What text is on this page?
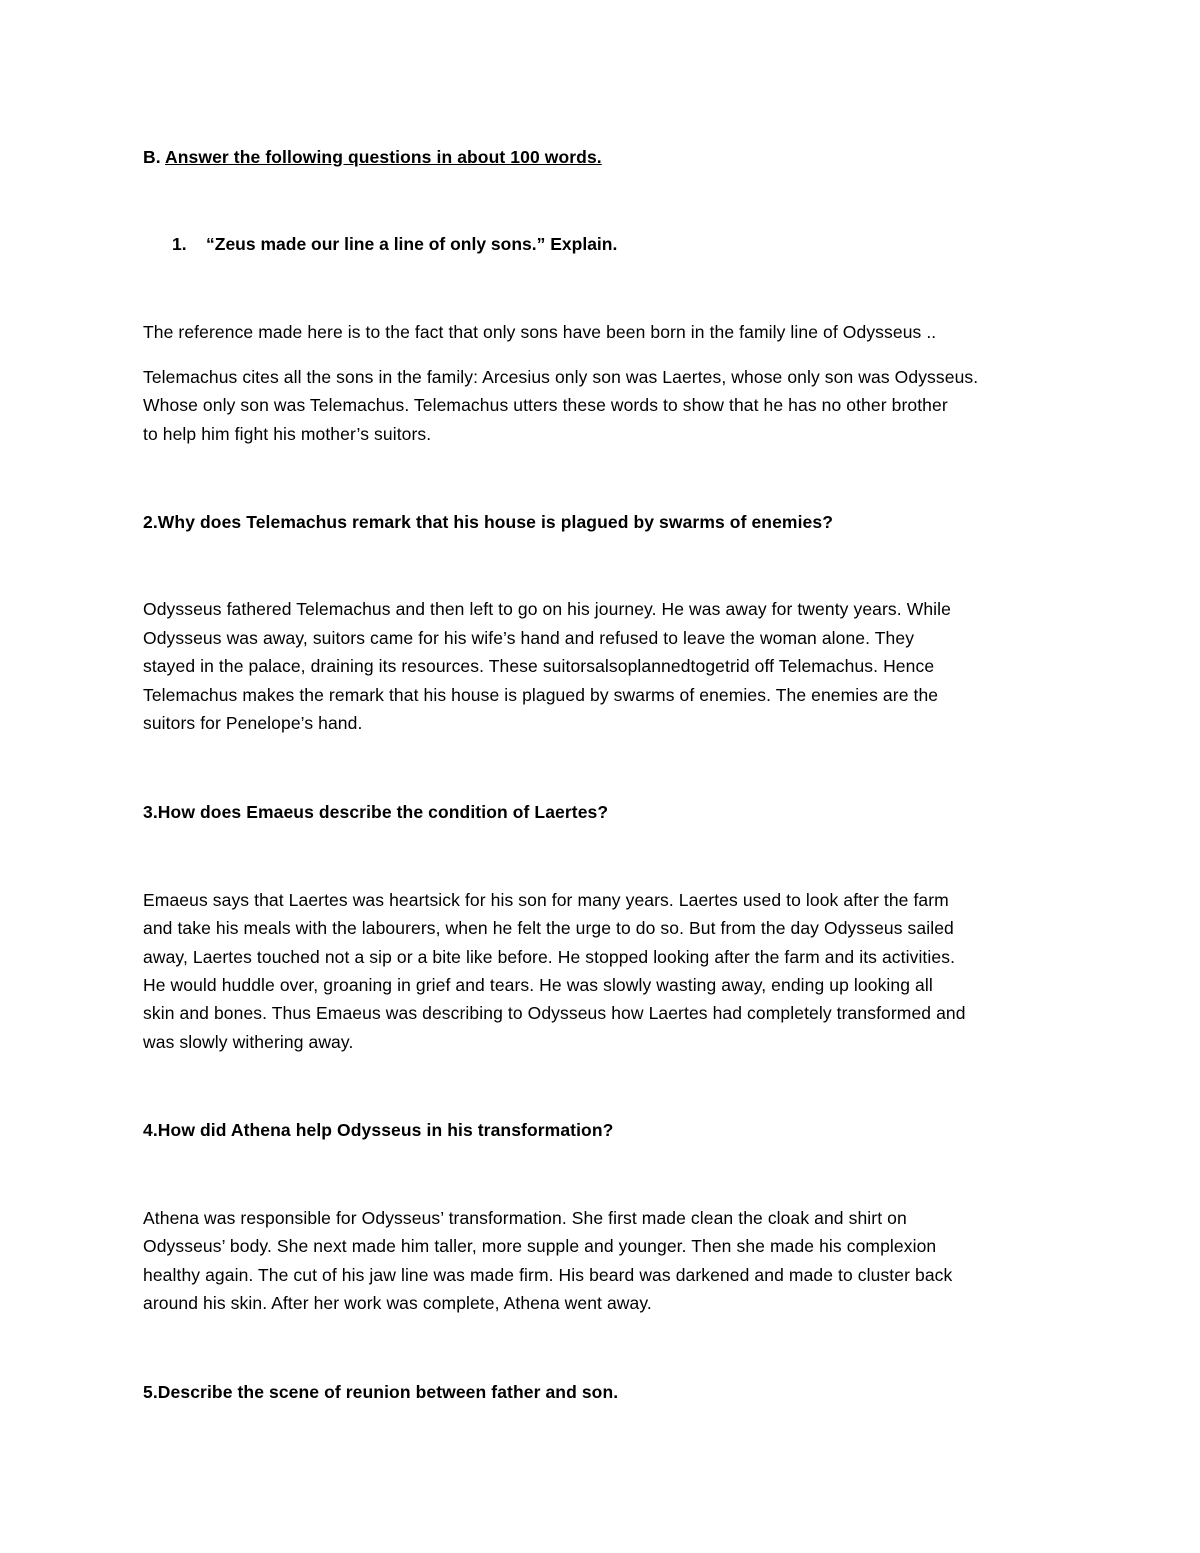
B. Answer the following questions in about 100 words.
1. “Zeus made our line a line of only sons.” Explain.
The reference made here is to the fact that only sons have been born in the family line of Odysseus ..
Telemachus cites all the sons in the family: Arcesius only son was Laertes, whose only son was Odysseus.
Whose only son was Telemachus. Telemachus utters these words to show that he has no other brother
to help him fight his mother’s suitors.
2.Why does Telemachus remark that his house is plagued by swarms of enemies?
Odysseus fathered Telemachus and then left to go on his journey. He was away for twenty years. While
Odysseus was away, suitors came for his wife’s hand and refused to leave the woman alone. They
stayed in the palace, draining its resources. These suitorsalsoplannedtogetrid off Telemachus. Hence
Telemachus makes the remark that his house is plagued by swarms of enemies. The enemies are the
suitors for Penelope’s hand.
3.How does Emaeus describe the condition of Laertes?
Emaeus says that Laertes was heartsick for his son for many years. Laertes used to look after the farm
and take his meals with the labourers, when he felt the urge to do so. But from the day Odysseus sailed
away, Laertes touched not a sip or a bite like before. He stopped looking after the farm and its activities.
He would huddle over, groaning in grief and tears. He was slowly wasting away, ending up looking all
skin and bones. Thus Emaeus was describing to Odysseus how Laertes had completely transformed and
was slowly withering away.
4.How did Athena help Odysseus in his transformation?
Athena was responsible for Odysseus’ transformation. She first made clean the cloak and shirt on
Odysseus’ body. She next made him taller, more supple and younger. Then she made his complexion
healthy again. The cut of his jaw line was made firm. His beard was darkened and made to cluster back
around his skin. After her work was complete, Athena went away.
5.Describe the scene of reunion between father and son.
